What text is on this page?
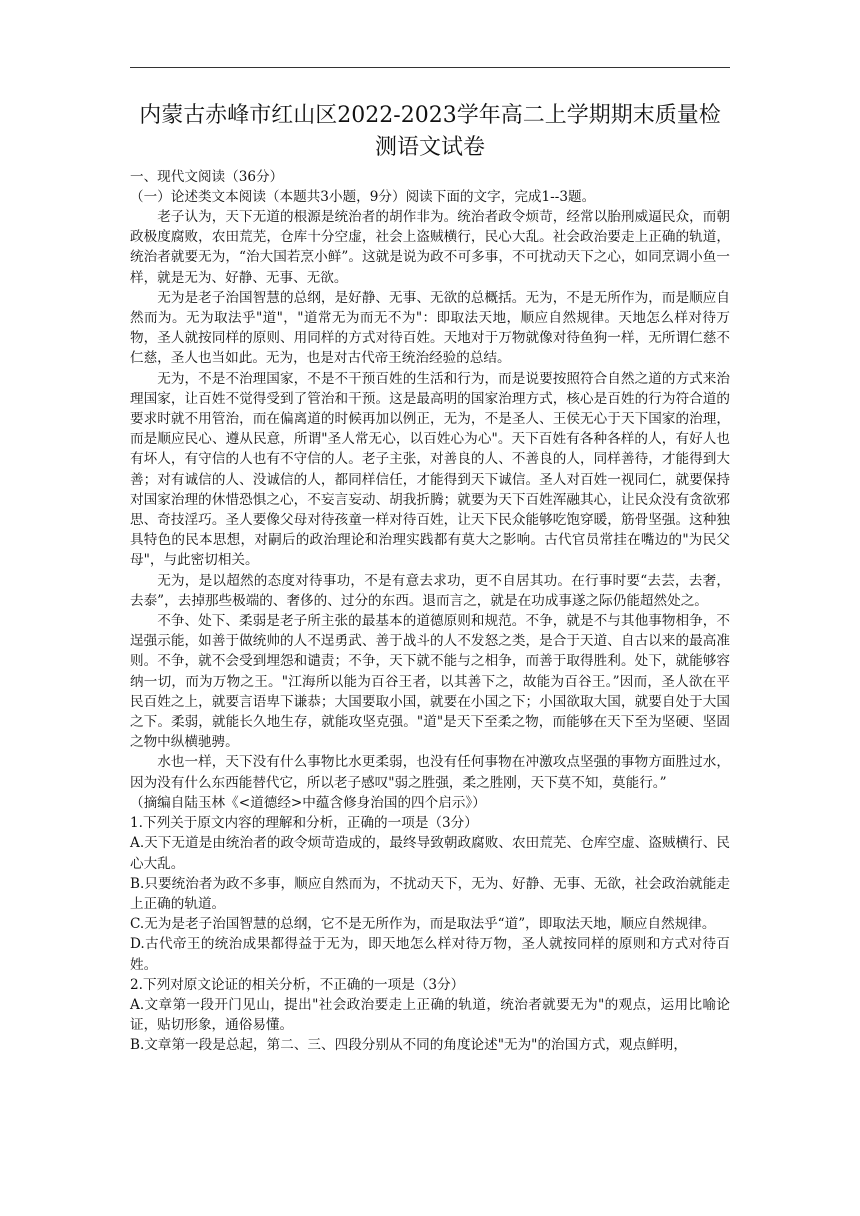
内蒙古赤峰市红山区2022-2023学年高二上学期期末质量检测语文试卷

一、现代文阅读（36分）

（一）论述类文本阅读（本题共3小题，9分）阅读下面的文字，完成1--3题。

老子认为，天下无道的根源是统治者的胡作非为。统治者政令烦苛，经常以胎刑威逼民众，而朝政极度腐败，农田荒芜，仓库十分空虚，社会上盗贼横行，民心大乱。社会政治要走上正确的轨道，统治者就要无为，“治大国若烹小鲜”。这就是说为政不可多事，不可扰动天下之心，如同烹调小鱼一样，就是无为、好静、无事、无欲。

无为是老子治国智慧的总纲，是好静、无事、无欲的总概括。无为，不是无所作为，而是顺应自然而为。无为取法乎"道"，"道常无为而无不为"：即取法天地，顺应自然规律。天地怎么样对待万物，圣人就按同样的原则、用同样的方式对待百姓。天地对于万物就像对待鱼狗一样，无所谓仁慈不仁慈，圣人也当如此。无为，也是对古代帝王统治经验的总结。

无为，不是不治理国家，不是不干预百姓的生活和行为，而是说要按照符合自然之道的方式来治理国家，让百姓不觉得受到了管治和干预。这是最高明的国家治理方式，核心是百姓的行为符合道的要求时就不用管治，而在偏离道的时候再加以例正，无为，不是圣人、王侯无心于天下国家的治理，而是顺应民心、遵从民意，所谓"圣人常无心，以百姓心为心"。天下百姓有各种各样的人，有好人也有坏人，有守信的人也有不守信的人。老子主张，对善良的人、不善良的人，同样善待，才能得到大善；对有诚信的人、没诚信的人，都同样信任，才能得到天下诚信。圣人对百姓一视同仁，就要保持对国家治理的休惜恐惧之心，不妄言妄动、胡我折腾；就要为天下百姓浑融其心，让民众没有贪欲邪思、奇技淫巧。圣人要像父母对待孩童一样对待百姓，让天下民众能够吃饱穿暖，筋骨坚强。这种独具特色的民本思想，对嗣后的政治理论和治理实践都有莫大之影响。古代官员常挂在嘴边的"为民父母"，与此密切相关。

无为，是以超然的态度对待事功，不是有意去求功，更不自居其功。在行事时要“去芸，去奢，去泰”，去掉那些极端的、奢侈的、过分的东西。退而言之，就是在功成事遂之际仍能超然处之。

不争、处下、柔弱是老子所主张的最基本的道德原则和规范。不争，就是不与其他事物相争，不逞强示能，如善于做统帅的人不逞勇武、善于战斗的人不发怒之类，是合于天道、自古以来的最高准则。不争，就不会受到埋怨和谴责；不争，天下就不能与之相争，而善于取得胜利。处下，就能够容纳一切，而为万物之王。"江海所以能为百谷王者，以其善下之，故能为百谷王。”因而，圣人欲在平民百姓之上，就要言语卑下谦恭；大国要取小国，就要在小国之下；小国欲取大国，就要自处于大国之下。柔弱，就能长久地生存，就能攻坚克强。"道"是天下至柔之物，而能够在天下至为坚硬、坚固之物中纵横驰骋。

水也一样，天下没有什么事物比水更柔弱，也没有任何事物在冲激攻点坚强的事物方面胜过水，因为没有什么东西能替代它，所以老子感叹"弱之胜强，柔之胜刚，天下莫不知，莫能行。”

（摘编自陆玉林《<道德经>中蕴含修身治国的四个启示》）

1.下列关于原文内容的理解和分析，正确的一项是（3分）

A.天下无道是由统治者的政令烦苛造成的，最终导致朝政腐败、农田荒芜、仓库空虚、盗贼横行、民心大乱。

B.只要统治者为政不多事，顺应自然而为，不扰动天下，无为、好静、无事、无欲，社会政治就能走上正确的轨道。

C.无为是老子治国智慧的总纲，它不是无所作为，而是取法乎“道”，即取法天地，顺应自然规律。

D.古代帝王的统治成果都得益于无为，即天地怎么样对待万物，圣人就按同样的原则和方式对待百姓。

2.下列对原文论证的相关分析，不正确的一项是（3分）

A.文章第一段开门见山，提出"社会政治要走上正确的轨道，统治者就要无为"的观点，运用比喻论证，贴切形象，通俗易懂。

B.文章第一段是总起，第二、三、四段分别从不同的角度论述"无为"的治国方式，观点鲜明，
